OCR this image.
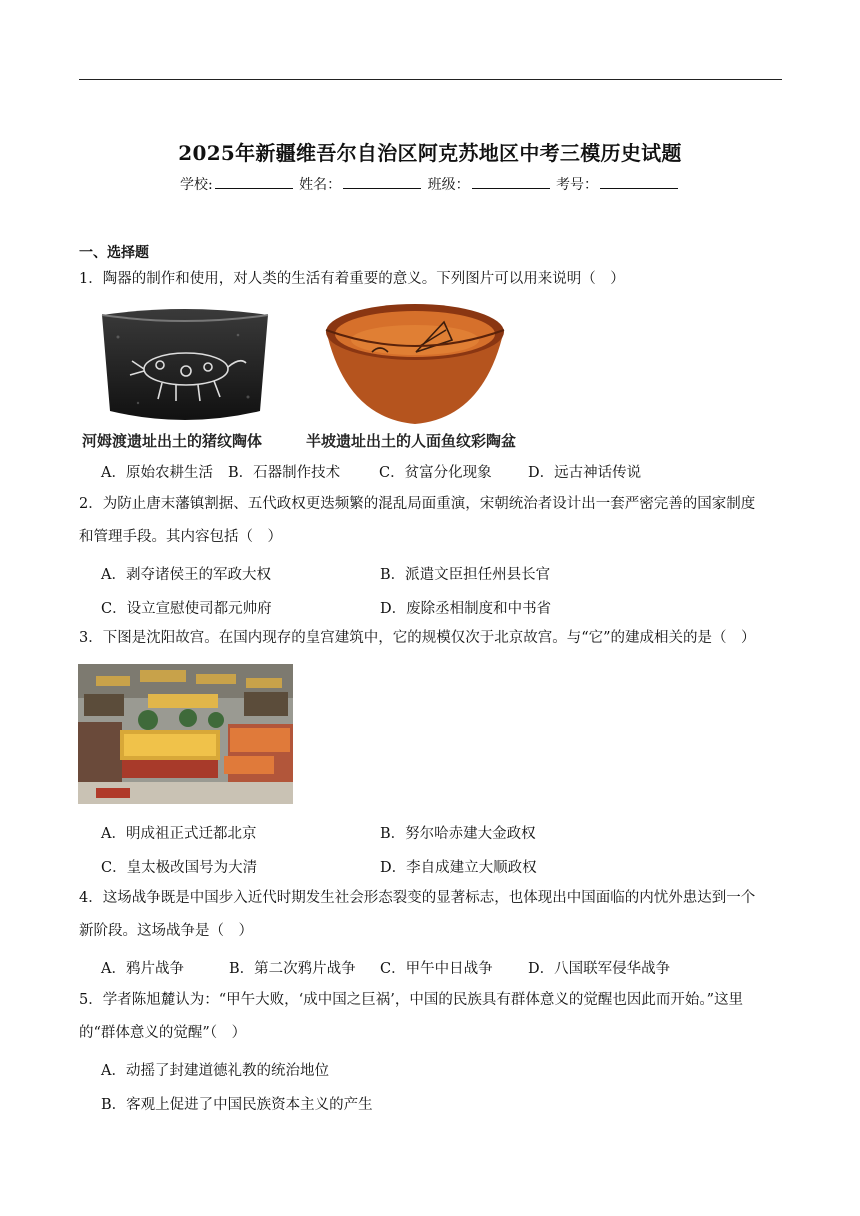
2025年新疆维吾尔自治区阿克苏地区中考三模历史试题
学校:	姓名：	班级：	考号：
一、选择题
1．陶器的制作和使用，对人类的生活有着重要的意义。下列图片可以用来说明（　）
河姆渡遗址出土的猪纹陶体	半坡遗址出土的人面鱼纹彩陶盆
A．原始农耕生活 B．石器制作技术	C．贫富分化现象	D．远古神话传说
2．为防止唐末藩镇割据、五代政权更迭频繁的混乱局面重演，宋朝统治者设计出一套严密完善的国家制度
和管理手段。其内容包括（　）
A．剥夺诸侯王的军政大权	B．派遣文臣担任州县长官
C．设立宣慰使司都元帅府	D．废除丞相制度和中书省
3．下图是沈阳故宫。在国内现存的皇宫建筑中，它的规模仅次于北京故宫。与“它”的建成相关的是（　）
A．明成祖正式迁都北京	B．努尔哈赤建大金政权
C．皇太极改国号为大清	D．李自成建立大顺政权
4．这场战争既是中国步入近代时期发生社会形态裂变的显著标志，也体现出中国面临的内忧外患达到一个
新阶段。这场战争是（　）
A．鸦片战争	B．第二次鸦片战争 C．甲午中日战争 D．八国联军侵华战争
5．学者陈旭麓认为：“甲午大败，‘成中国之巨祸’，中国的民族具有群体意义的觉醒也因此而开始。”这里
的“群体意义的觉醒”（　）
A．动摇了封建道德礼教的统治地位
B．客观上促进了中国民族资本主义的产生
